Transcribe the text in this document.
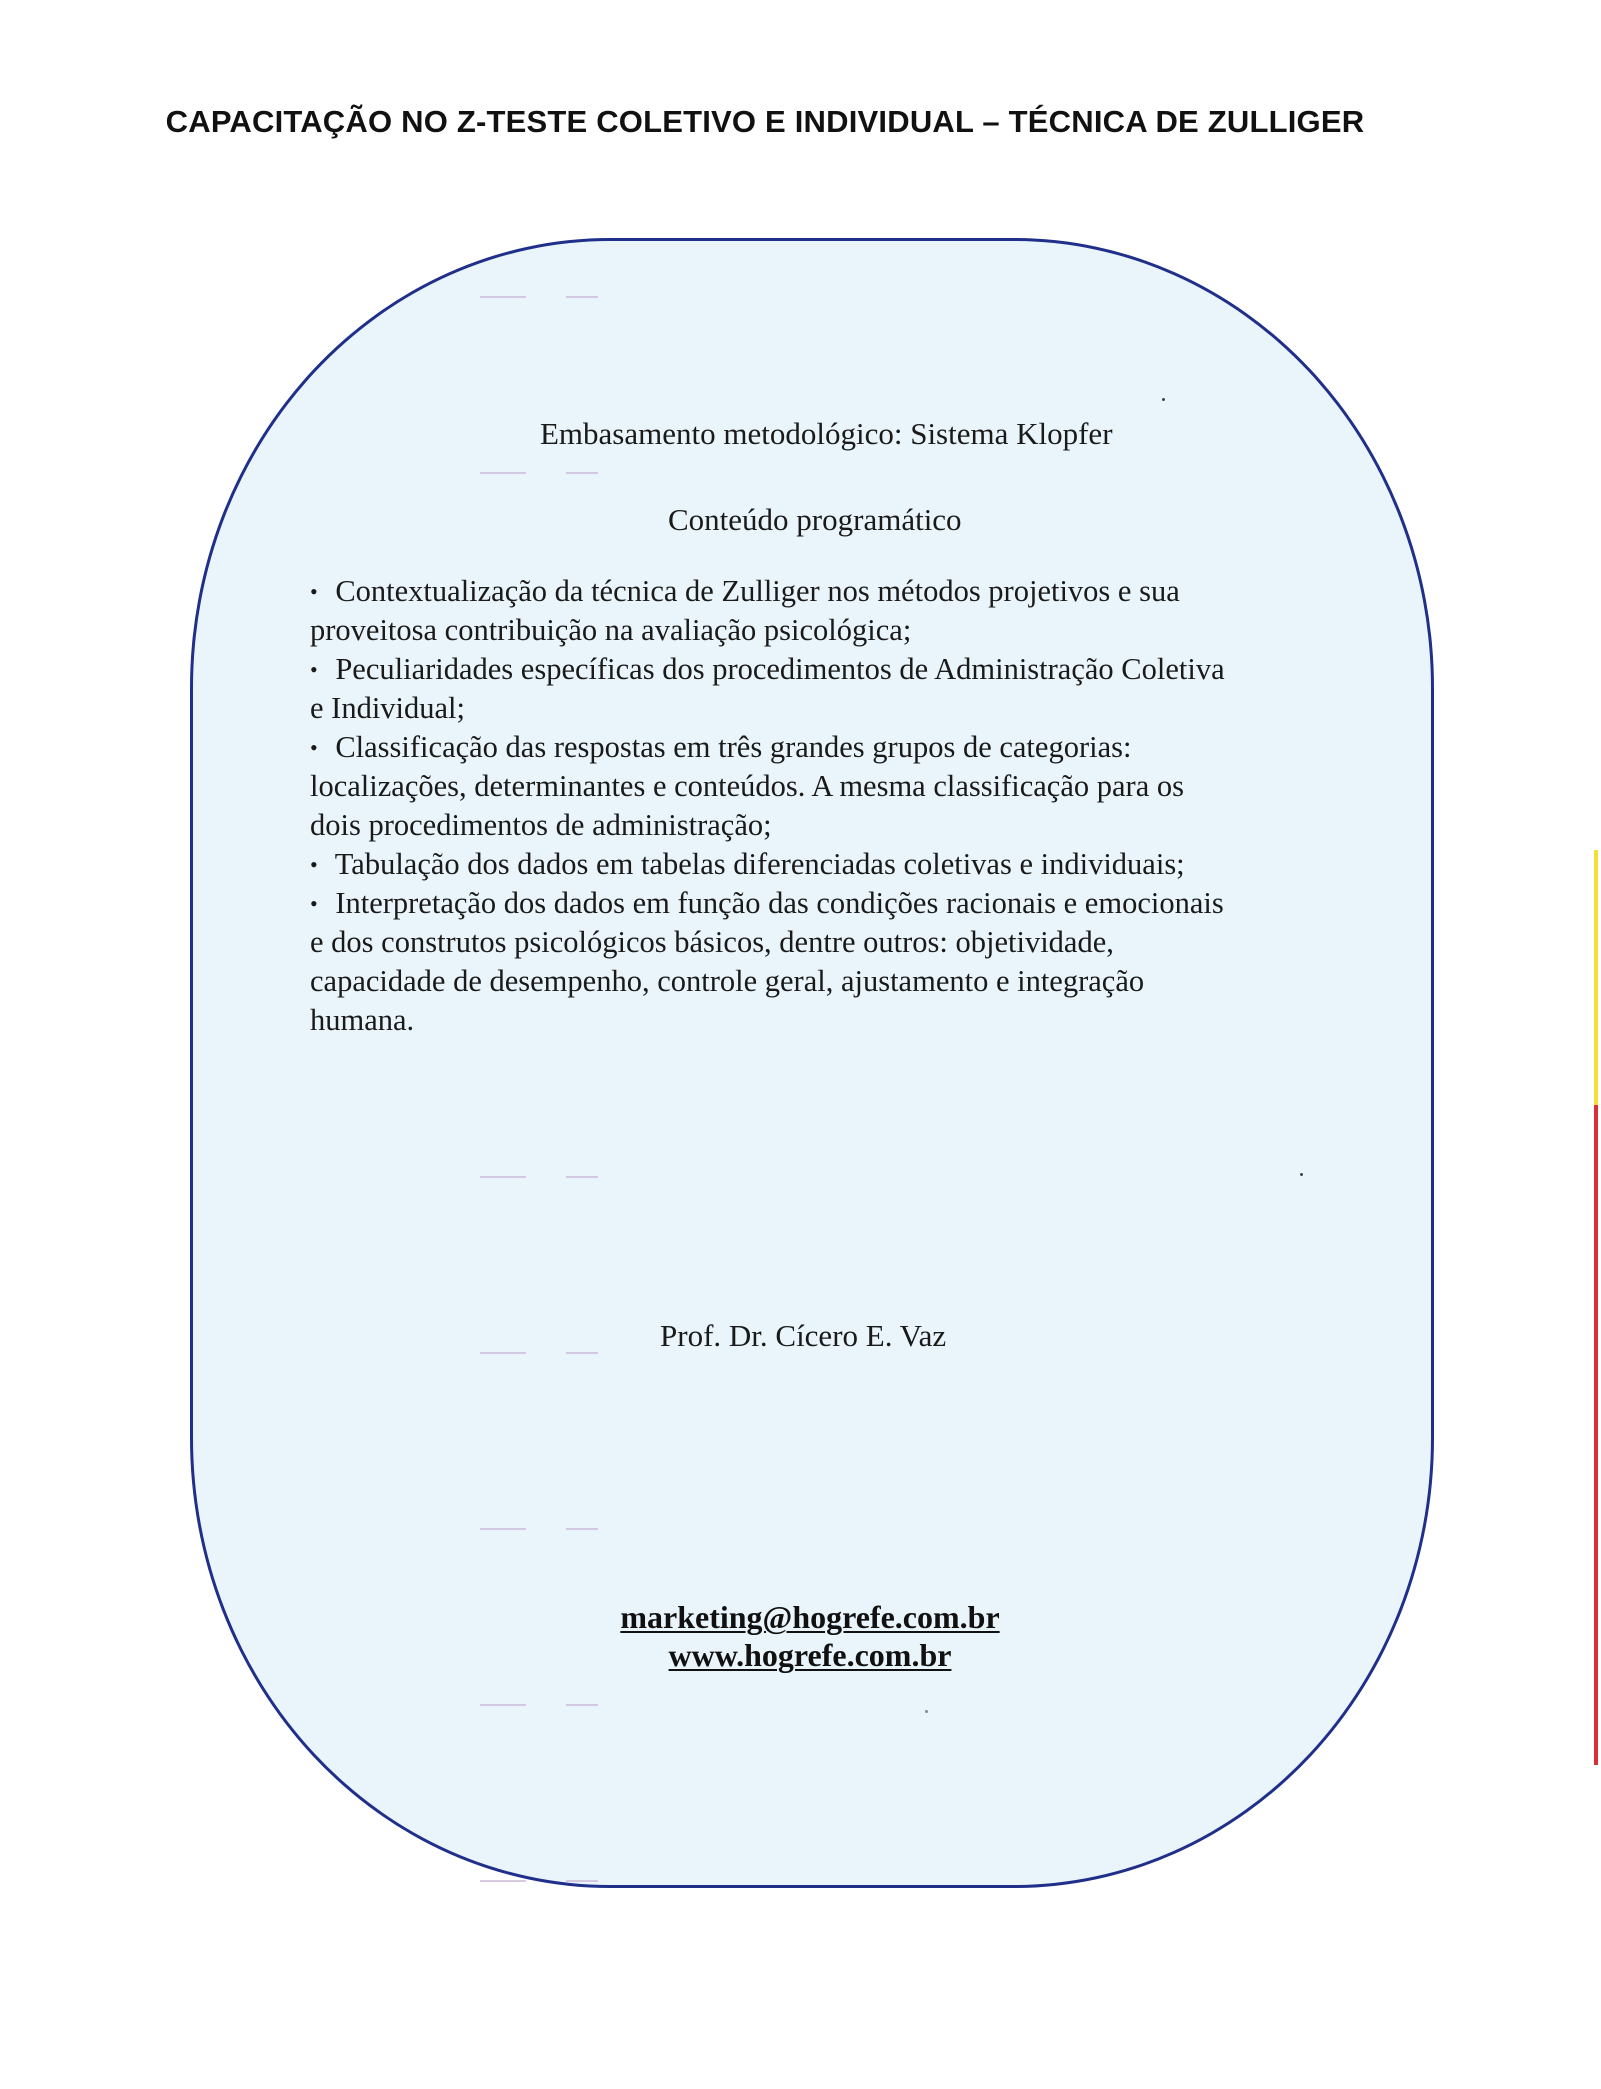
CAPACITAÇÃO NO Z-TESTE COLETIVO E INDIVIDUAL – TÉCNICA DE ZULLIGER
Embasamento metodológico: Sistema Klopfer
Conteúdo programático
• Contextualização da técnica de Zulliger nos métodos projetivos e sua
proveitosa contribuição na avaliação psicológica;
• Peculiaridades específicas dos procedimentos de Administração Coletiva
e Individual;
• Classificação das respostas em três grandes grupos de categorias:
localizações, determinantes e conteúdos. A mesma classificação para os
dois procedimentos de administração;
• Tabulação dos dados em tabelas diferenciadas coletivas e individuais;
• Interpretação dos dados em função das condições racionais e emocionais
e dos construtos psicológicos básicos, dentre outros: objetividade,
capacidade de desempenho, controle geral, ajustamento e integração
humana.
Prof. Dr. Cícero E. Vaz
marketing@hogrefe.com.br
www.hogrefe.com.br
